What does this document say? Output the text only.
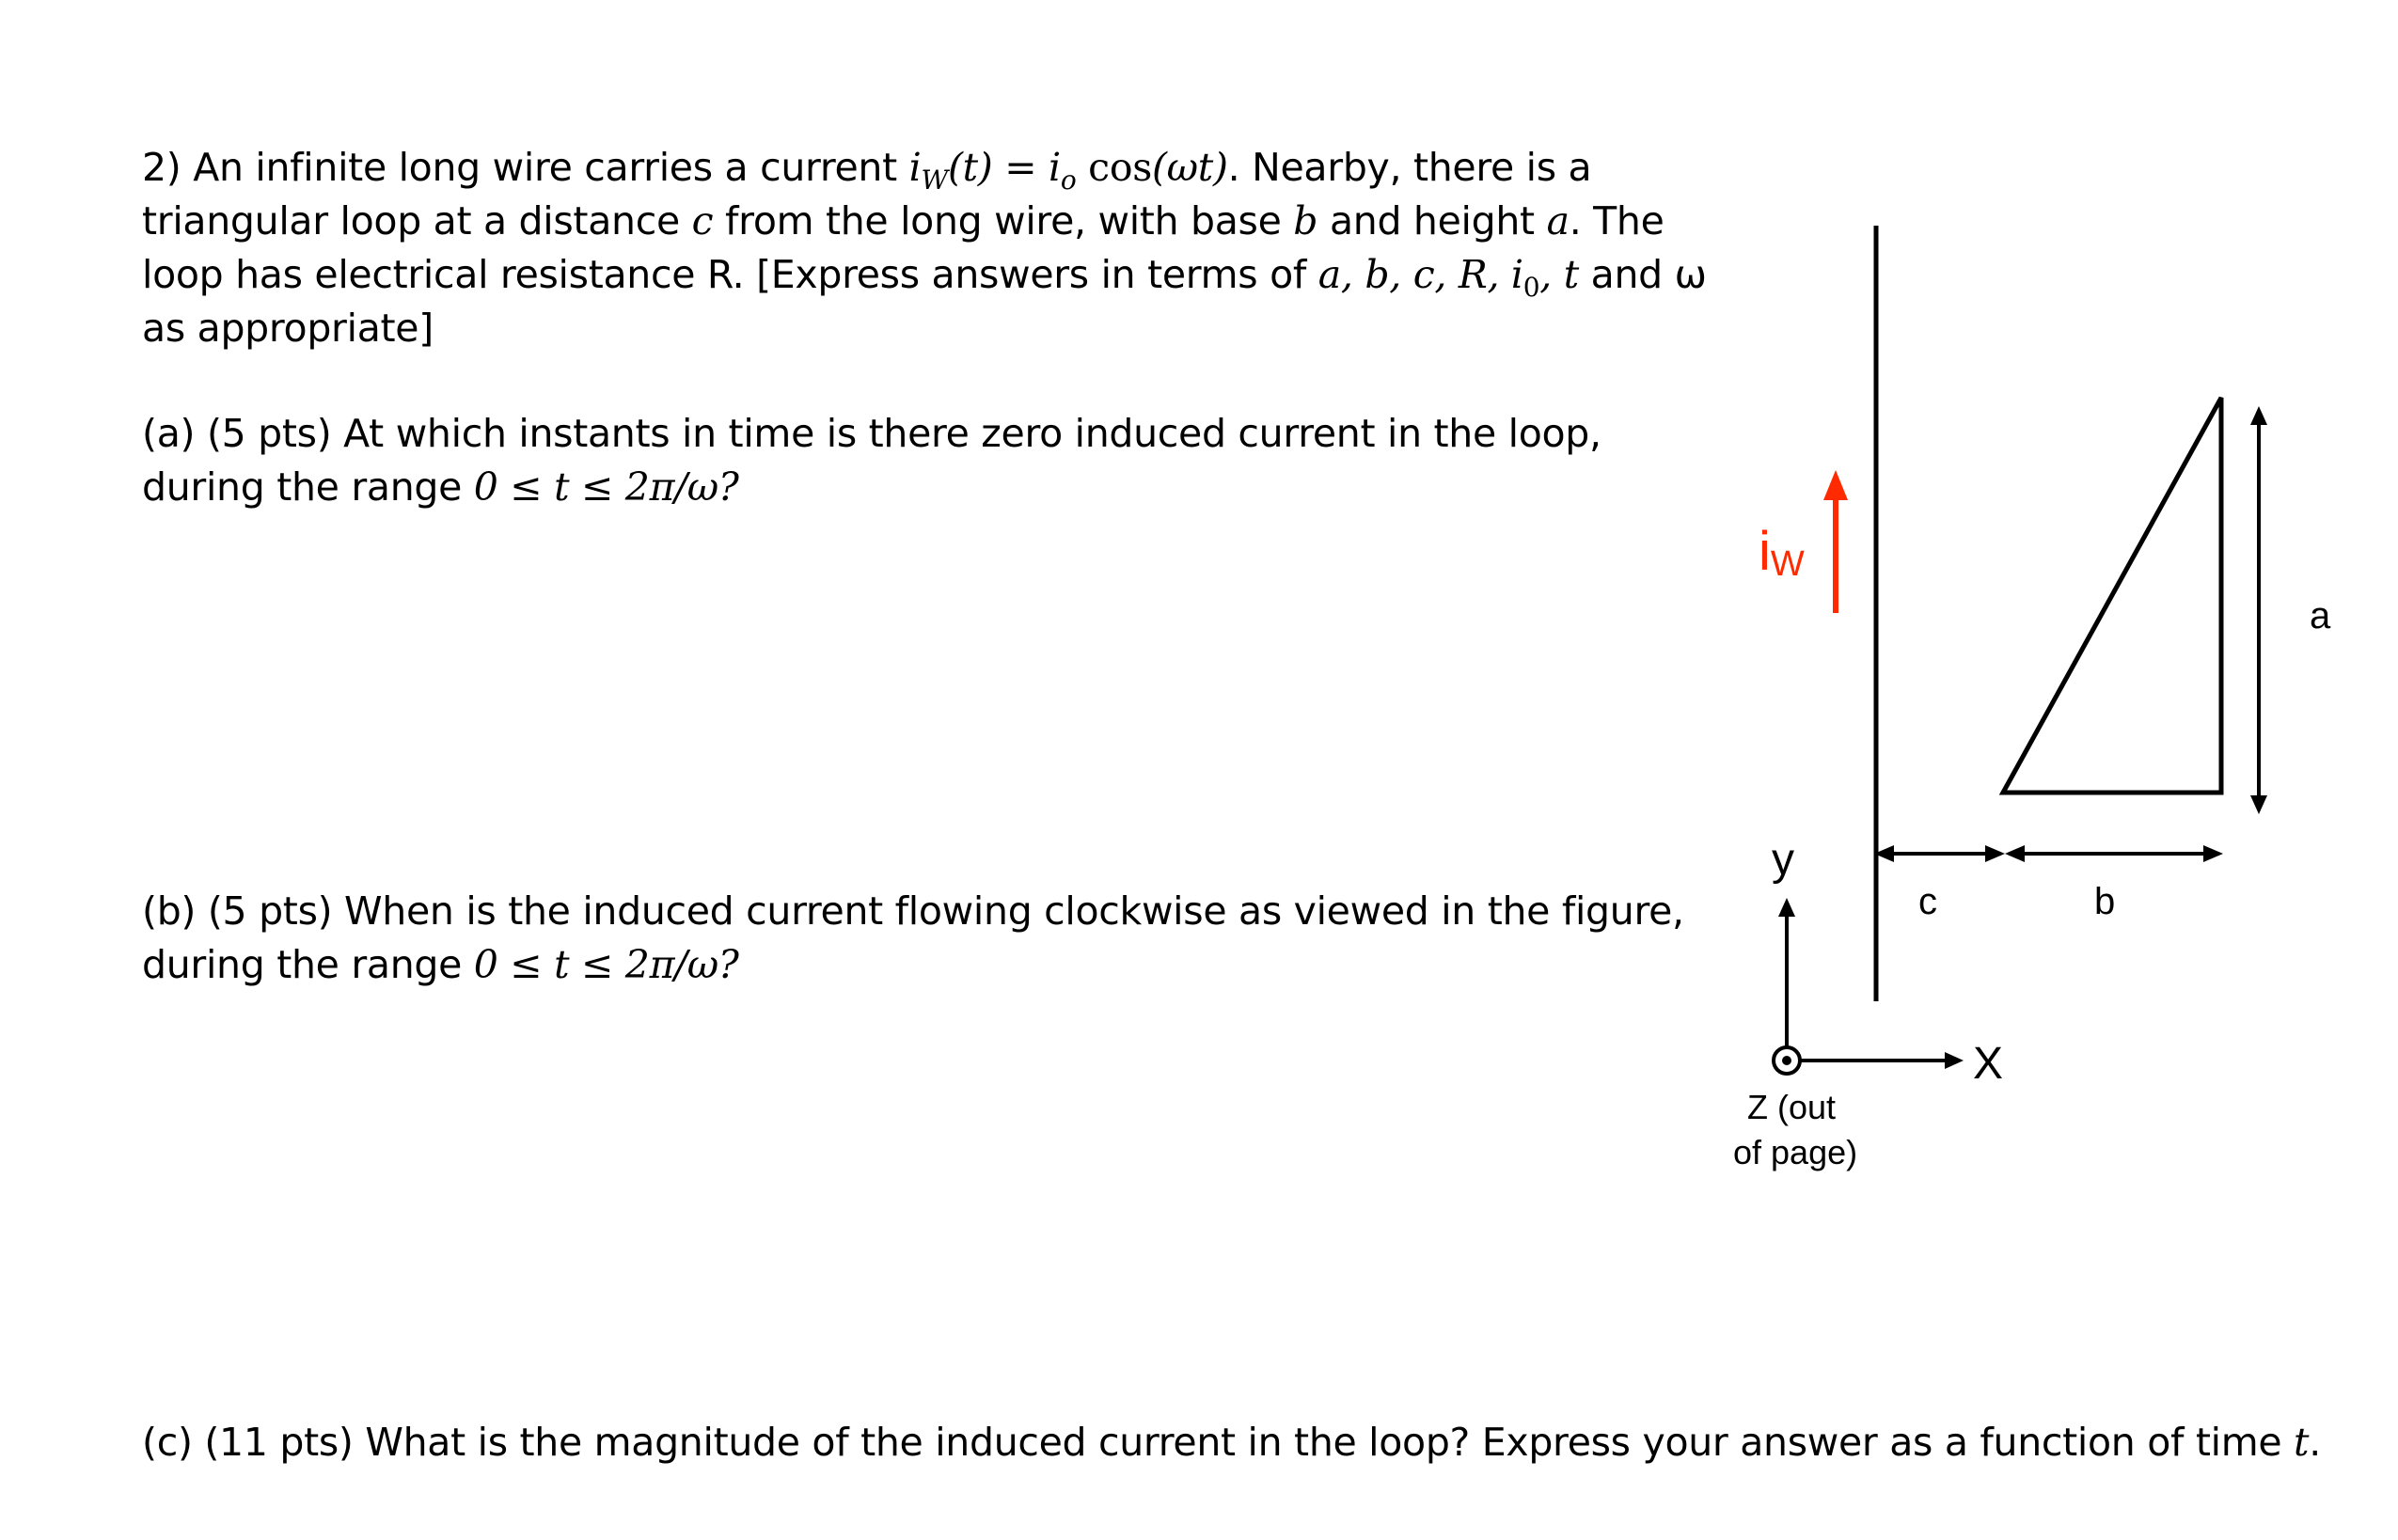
2) An infinite long wire carries a current $i_W(t) = i_o$ cos(ωt). Nearby, there is a
triangular loop at a distance c from the long wire, with base b and height a. The
loop has electrical resistance R. [Express answers in terms of a, b, c, R, $i_0$, t and ω
as appropriate]
(a) (5 pts) At which instants in time is there zero induced current in the loop,
during the range 0 ≤ t ≤ 2π/ω?
(b) (5 pts) When is the induced current flowing clockwise as viewed in the figure,
during the range 0 ≤ t ≤ 2π/ω?
(c) (11 pts) What is the magnitude of the induced current in the loop? Express your answer as a function of time t.
iW
a
c	b
y
X
Z (out
of page)
